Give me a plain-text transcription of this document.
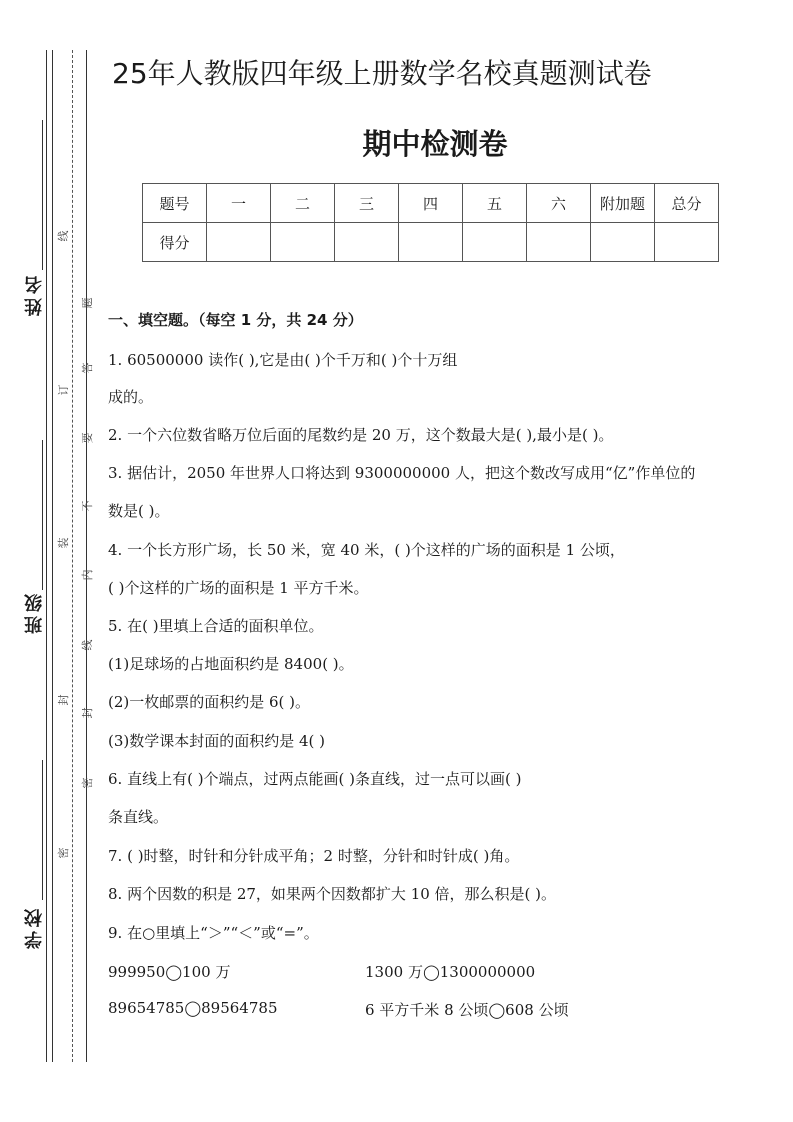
姓名
班级
学校
线
题
答
订
要
不
装
内
线
封
封
密
密
25年人教版四年级上册数学名校真题测试卷
期中检测卷
题号	一	二	三	四	五	六	附加题	总分
得分								
一、填空题。（每空 1 分，共 24 分）
1. 60500000 读作( ),它是由( )个千万和( )个十万组
成的。
2. 一个六位数省略万位后面的尾数约是 20 万，这个数最大是( ),最小是( )。
3. 据估计，2050 年世界人口将达到 9300000000 人，把这个数改写成用“亿”作单位的
数是( )。
4. 一个长方形广场，长 50 米，宽 40 米，( )个这样的广场的面积是 1 公顷，
( )个这样的广场的面积是 1 平方千米。
5. 在( )里填上合适的面积单位。
(1)足球场的占地面积约是 8400( )。
(2)一枚邮票的面积约是 6( )。
(3)数学课本封面的面积约是 4( )
6. 直线上有( )个端点，过两点能画( )条直线，过一点可以画( )
条直线。
7. ( )时整，时针和分针成平角；2 时整，分针和时针成( )角。
8. 两个因数的积是 27，如果两个因数都扩大 10 倍，那么积是( )。
9. 在○里填上“＞”“＜”或“=”。
999950◯100 万	1300 万◯1300000000
89654785◯89564785	6 平方千米 8 公顷◯608 公顷
